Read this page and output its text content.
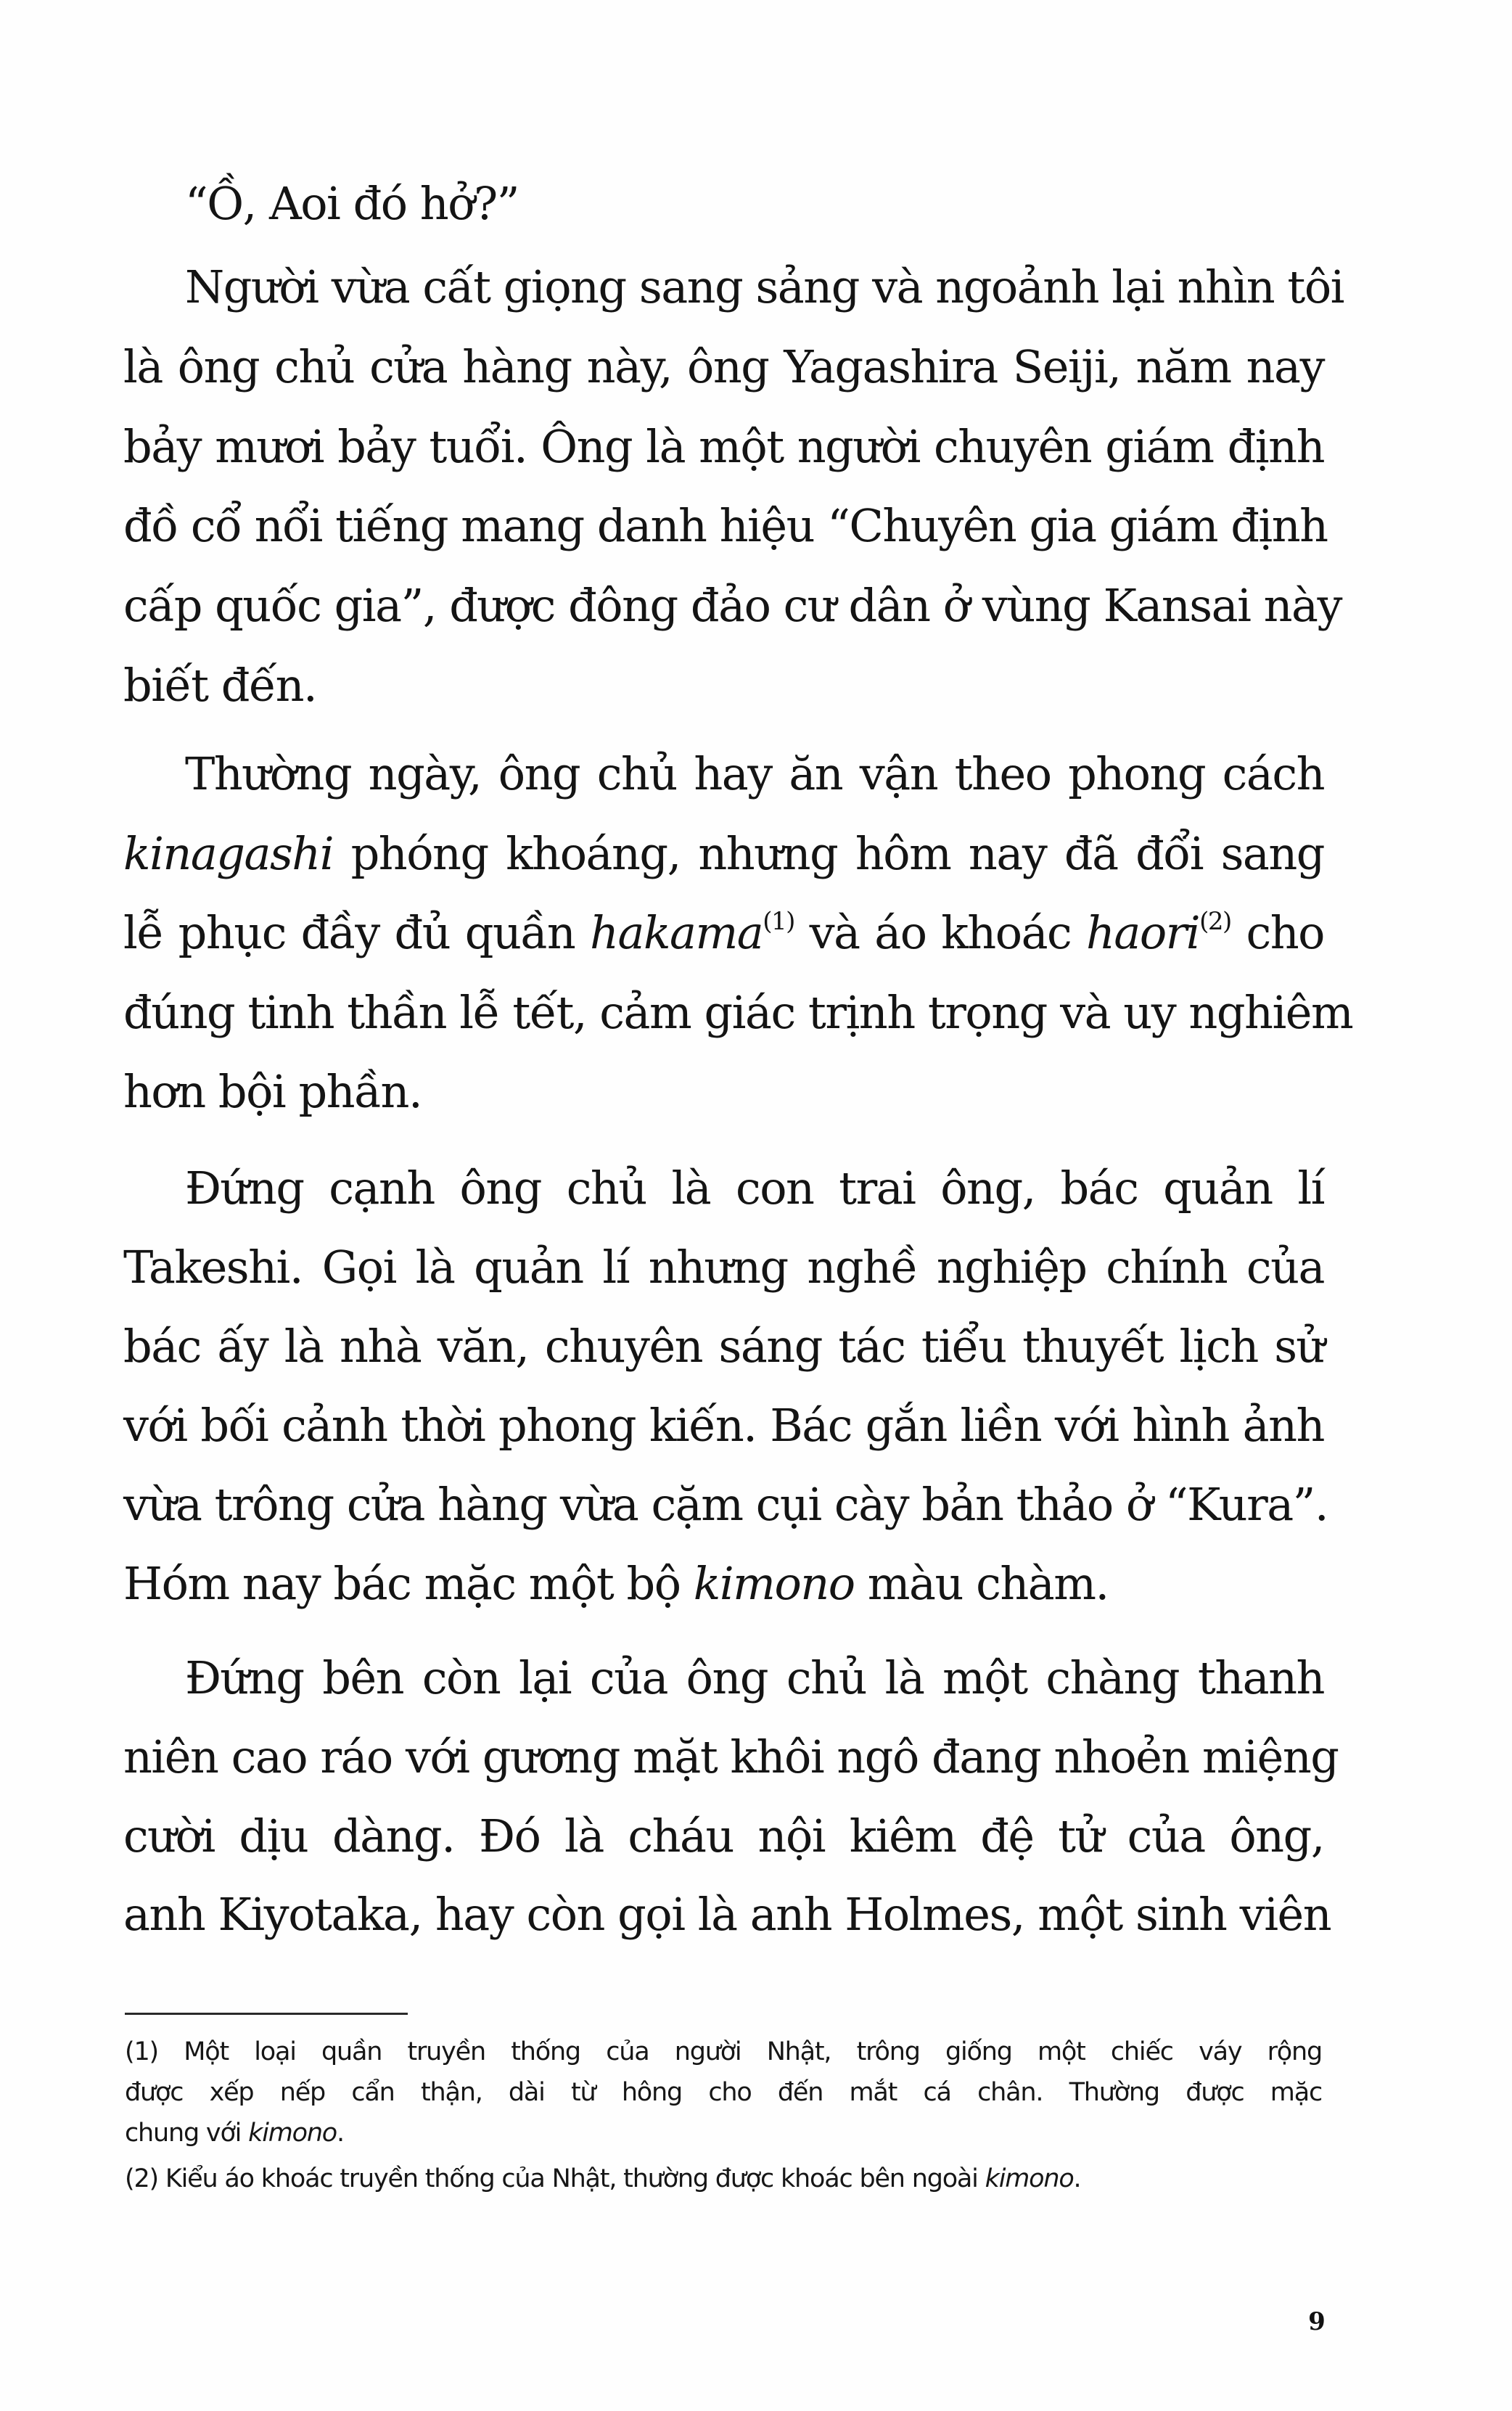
“Ồ, Aoi đó hở?”
Người vừa cất giọng sang sảng và ngoảnh lại nhìn tôi
là ông chủ cửa hàng này, ông Yagashira Seiji, năm nay
bảy mươi bảy tuổi. Ông là một người chuyên giám định
đồ cổ nổi tiếng mang danh hiệu “Chuyên gia giám định
cấp quốc gia”, được đông đảo cư dân ở vùng Kansai này
biết đến.
Thường ngày, ông chủ hay ăn vận theo phong cách
kinagashi phóng khoáng, nhưng hôm nay đã đổi sang
lễ phục đầy đủ quần hakama$^{(1)}$ và áo khoác haori$^{(2)}$ cho
đúng tinh thần lễ tết, cảm giác trịnh trọng và uy nghiêm
hơn bội phần.
Đứng cạnh ông chủ là con trai ông, bác quản lí
Takeshi. Gọi là quản lí nhưng nghề nghiệp chính của
bác ấy là nhà văn, chuyên sáng tác tiểu thuyết lịch sử
với bối cảnh thời phong kiến. Bác gắn liền với hình ảnh
vừa trông cửa hàng vừa cặm cụi cày bản thảo ở “Kura”.
Hóm nay bác mặc một bộ kimono màu chàm.
Đứng bên còn lại của ông chủ là một chàng thanh
niên cao ráo với gương mặt khôi ngô đang nhoẻn miệng
cười dịu dàng. Đó là cháu nội kiêm đệ tử của ông,
anh Kiyotaka, hay còn gọi là anh Holmes, một sinh viên
(1) Một loại quần truyền thống của người Nhật, trông giống một chiếc váy rộng
được xếp nếp cẩn thận, dài từ hông cho đến mắt cá chân. Thường được mặc
chung với kimono.
(2) Kiểu áo khoác truyền thống của Nhật, thường được khoác bên ngoài kimono.
9
